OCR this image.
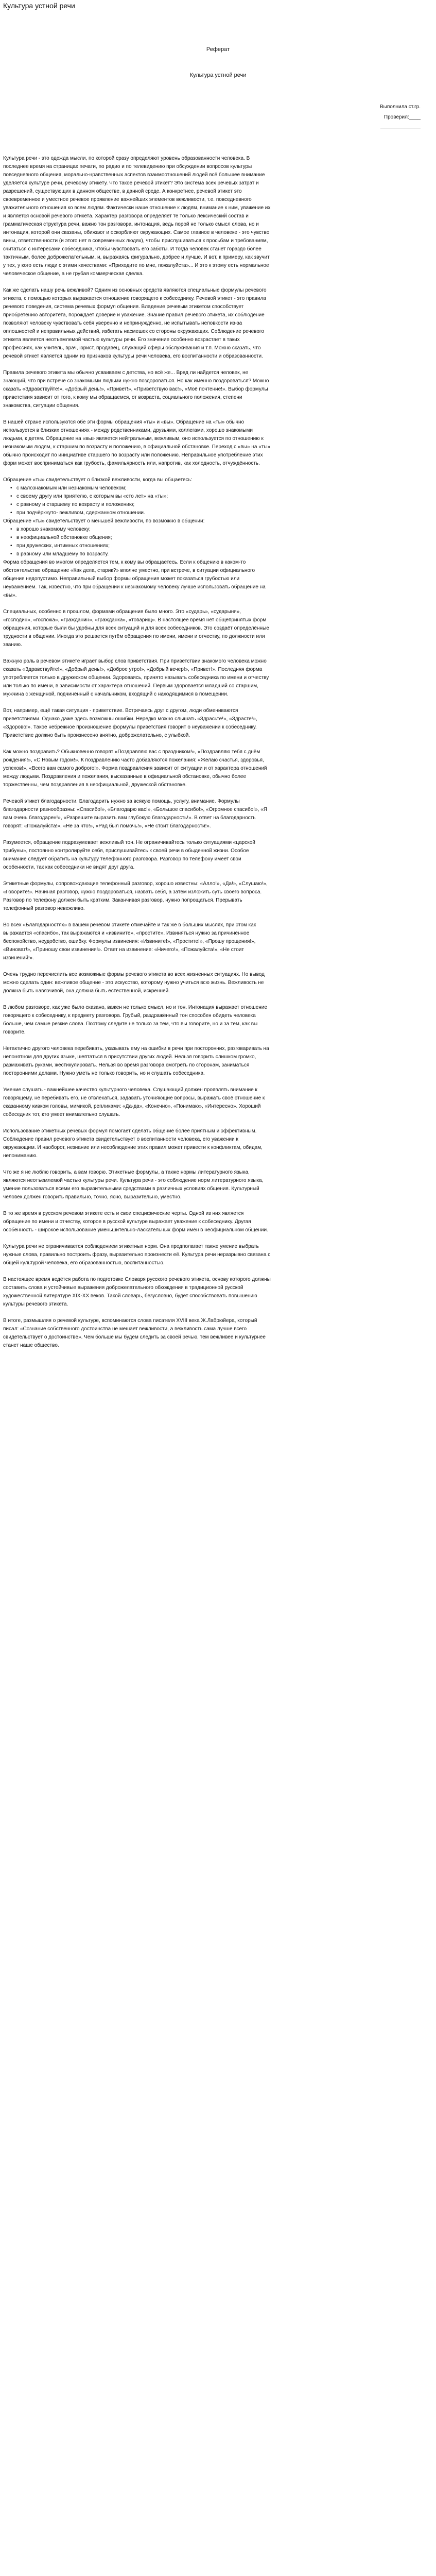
Культура устной речи
Реферат
Культура устной речи
Выполнила ст.гр.
Проверил:____

Культура речи - это одежда мысли, по которой сразу определяют уровень образованности человека. В последнее время на страницах печати, по радио и по телевидению при обсуждении вопросов культуры повседневного общения, морально-нравственных аспектов взаимоотношений людей всё большее внимание уделяется культуре речи, речевому этикету. Что такое речевой этикет? Это система всех речевых затрат и разрешений, существующих в данном обществе, в данной среде. А конкретнее, речевой этикет это своевременное и уместное речевое проявление важнейших элементов вежливости, т.е. повседневного уважительного отношения ко всем людям. Фактически наше отношение к людям, внимание к ним, уважение их и является основой речевого этикета. Характер разговора определяет те только лексический состав и грамматическая структура речи, важно тон разговора, интонация, ведь порой не только смысл слова, но и интонация, которой они сказаны, обижают и оскорбляют окружающих. Самое главное в человеке - это чувство вины, ответственности (и этого нет в современных людях), чтобы прислушиваться к просьбам и требованиям, считаться с интересами собеседника, чтобы чувствовать его заботы. И тогда человек станет гораздо более тактичным, более доброжелательным, и, выражаясь фигурально, добрее и лучше. И вот, к примеру, как звучит у тех, у кого есть люди с этими качествами: «Приходите по мне, пожалуйста»... И это к этому есть нормальное человеческое общение, а не грубая коммерческая сделка.

Как же сделать нашу речь вежливой? Одним из основных средств являются специальные формулы речевого этикета, с помощью которых выражается отношение говорящего к собеседнику. Речевой этикет - это правила речевого поведения, система речевых формул общения. Владение речевым этикетом способствует приобретению авторитета, порождает доверие и уважение. Знание правил речевого этикета, их соблюдение позволяют человеку чувствовать себя уверенно и непринуждённо, не испытывать неловкости из-за оплошностей и неправильных действий, избегать насмешек со стороны окружающих. Соблюдение речевого этикета является неотъемлемой частью культуры речи. Его значение особенно возрастает в таких профессиях, как учитель, врач, юрист, продавец, служащий сферы обслуживания и т.п. Можно сказать, что речевой этикет является одним из признаков культуры речи человека, его воспитанности и образованности.

Правила речевого этикета мы обычно усваиваем с детства, но всё же... Вряд ли найдется человек, не знающий, что при встрече со знакомыми людьми нужно поздороваться. Но как именно поздороваться? Можно сказать «Здравствуйте!», «Добрый день!», «Привет!», «Приветствую вас!», «Моё почтение!». Выбор формулы приветствия зависит от того, к кому мы обращаемся, от возраста, социального положения, степени знакомства, ситуации общения.

В нашей стране используются обе эти формы обращения «ты» и «вы». Обращение на «ты» обычно используется в близких отношениях - между родственниками, друзьями, коллегами, хорошо знакомыми людьми, к детям. Обращение на «вы» является нейтральным, вежливым, оно используется по отношению к незнакомым людям, к старшим по возрасту и положению, в официальной обстановке. Переход с «вы» на «ты» обычно происходит по инициативе старшего по возрасту или положению. Неправильное употребление этих форм может восприниматься как грубость, фамильярность или, напротив, как холодность, отчуждённость.

Обращение «ты» свидетельствует о близкой вежливости, когда вы общаетесь:

• с малознакомым или незнакомым человеком;
• с своему другу или приятелю, с которым вы «сто лет» на «ты»;
• с равному и старшему по возрасту и положению;
• при подчёркнуто- вежливом, сдержанном отношении.

Обращение «ты» свидетельствует о меньшей вежливости, по возможно в общении:

• в хорошо знакомому человеку;
• в неофициальной обстановке общения;
• при дружеских, интимных отношениях;
• в равному или младшему по возрасту.

Форма обращения во многом определяется тем, к кому вы обращаетесь. Если к общению в каком-то обстоятельстве обращение «Как дела, старик?» вполне уместно, при встрече, в ситуации официального общения недопустимо. Неправильный выбор формы обращения может показаться грубостью или неуважением. Так, известно, что при обращении к незнакомому человеку лучше использовать обращение на «вы».

Специальных, особенно в прошлом, формами обращения было много. Это «сударь», «сударыня», «господин», «госпожа», «гражданин», «гражданка», «товарищ». В настоящее время нет общепринятых форм обращения, которые были бы удобны для всех ситуаций и для всех собеседников. Это создаёт определённые трудности в общении. Иногда это решается путём обращения по имени, имени и отчеству, по должности или званию.

Важную роль в речевом этикете играет выбор слов приветствия. При приветствии знакомого человека можно сказать «Здравствуйте!», «Добрый день!», «Доброе утро!», «Добрый вечер!», «Привет!». Последняя форма употребляется только в дружеском общении. Здороваясь, принято называть собеседника по имени и отчеству или только по имени, в зависимости от характера отношений. Первым здоровается младший со старшим, мужчина с женщиной, подчинённый с начальником, входящий с находящимися в помещении.

Вот, например, ещё такая ситуация - приветствие. Встречаясь друг с другом, люди обмениваются приветствиями. Однако даже здесь возможны ошибки. Нередко можно слышать «Здрасьте!», «Здрасте!», «Здорово!». Такое небрежное произношение формулы приветствия говорит о неуважении к собеседнику. Приветствие должно быть произнесено внятно, доброжелательно, с улыбкой.

Как можно поздравить? Обыкновенно говорят «Поздравляю вас с праздником!», «Поздравляю тебя с днём рождения!», «С Новым годом!». К поздравлению часто добавляются пожелания: «Желаю счастья, здоровья, успехов!», «Всего вам самого доброго!». Форма поздравления зависит от ситуации и от характера отношений между людьми. Поздравления и пожелания, высказанные в официальной обстановке, обычно более торжественны, чем поздравления в неофициальной, дружеской обстановке.

Речевой этикет благодарности. Благодарить нужно за всякую помощь, услугу, внимание. Формулы благодарности разнообразны: «Спасибо!», «Благодарю вас!», «Большое спасибо!», «Огромное спасибо!», «Я вам очень благодарен!», «Разрешите выразить вам глубокую благодарность!». В ответ на благодарность говорят: «Пожалуйста!», «Не за что!», «Рад был помочь!», «Не стоит благодарности!».

Разумеется, обращение подразумевает вежливый тон. Не ограничивайтесь только ситуациями «царской трибуны», постоянно контролируйте себя, прислушивайтесь к своей речи в обыденной жизни. Особое внимание следует обратить на культуру телефонного разговора. Разговор по телефону имеет свои особенности, так как собеседники не видят друг друга.

Этикетные формулы, сопровождающие телефонный разговор, хорошо известны: «Алло!», «Да!», «Слушаю!», «Говорите!». Начиная разговор, нужно поздороваться, назвать себя, а затем изложить суть своего вопроса. Разговор по телефону должен быть кратким. Заканчивая разговор, нужно попрощаться. Прерывать телефонный разговор невежливо.

Во всех «Благодарностях» в вашем речевом этикете отмечайте и так же в больших мыслях, при этом как выражается «спасибо», так выражаются и «извините», «простите». Извиняться нужно за причинённое беспокойство, неудобство, ошибку. Формулы извинения: «Извините!», «Простите!», «Прошу прощения!», «Виноват!», «Приношу свои извинения!». Ответ на извинение: «Ничего!», «Пожалуйста!», «Не стоит извинений!».

Очень трудно перечислить все возможные формы речевого этикета во всех жизненных ситуациях. Но вывод можно сделать один: вежливое общение - это искусство, которому нужно учиться всю жизнь. Вежливость не должна быть навязчивой, она должна быть естественной, искренней.

В любом разговоре, как уже было сказано, важен не только смысл, но и тон. Интонация выражает отношение говорящего к собеседнику, к предмету разговора. Грубый, раздражённый тон способен обидеть человека больше, чем самые резкие слова. Поэтому следите не только за тем, что вы говорите, но и за тем, как вы говорите.

Нетактично другого человека перебивать, указывать ему на ошибки в речи при посторонних, разговаривать на непонятном для других языке, шептаться в присутствии других людей. Нельзя говорить слишком громко, размахивать руками, жестикулировать. Нельзя во время разговора смотреть по сторонам, заниматься посторонними делами. Нужно уметь не только говорить, но и слушать собеседника.

Умение слушать - важнейшее качество культурного человека. Слушающий должен проявлять внимание к говорящему, не перебивать его, не отвлекаться, задавать уточняющие вопросы, выражать своё отношение к сказанному кивком головы, мимикой, репликами: «Да-да», «Конечно», «Понимаю», «Интересно». Хороший собеседник тот, кто умеет внимательно слушать.

Использование этикетных речевых формул помогает сделать общение более приятным и эффективным. Соблюдение правил речевого этикета свидетельствует о воспитанности человека, его уважении к окружающим. И наоборот, незнание или несоблюдение этих правил может привести к конфликтам, обидам, непониманию.

Что же я не люблю говорить, а вам говорю. Этикетные формулы, а также нормы литературного языка, являются неотъемлемой частью культуры речи. Культура речи - это соблюдение норм литературного языка, умение пользоваться всеми его выразительными средствами в различных условиях общения. Культурный человек должен говорить правильно, точно, ясно, выразительно, уместно.

В то же время в русском речевом этикете есть и свои специфические черты. Одной из них является обращение по имени и отчеству, которое в русской культуре выражает уважение к собеседнику. Другая особенность - широкое использование уменьшительно-ласкательных форм имён в неофициальном общении.

Культура речи не ограничивается соблюдением этикетных норм. Она предполагает также умение выбрать нужные слова, правильно построить фразу, выразительно произнести её. Культура речи неразрывно связана с общей культурой человека, его образованностью, воспитанностью.

В настоящее время ведётся работа по подготовке Словаря русского речевого этикета, основу которого должны составить слова и устойчивые выражения доброжелательного обхождения в традиционной русской художественной литературе XIX-XX веков. Такой словарь, безусловно, будет способствовать повышению культуры речевого этикета.

В итоге, размышляя о речевой культуре, вспоминаются слова писателя XVIII века Ж.Лабрюйера, который писал: «Сознание собственного достоинства не мешает вежливости, а вежливость сама лучше всего свидетельствует о достоинстве». Чем больше мы будем следить за своей речью, тем вежливее и культурнее станет наше общество.
